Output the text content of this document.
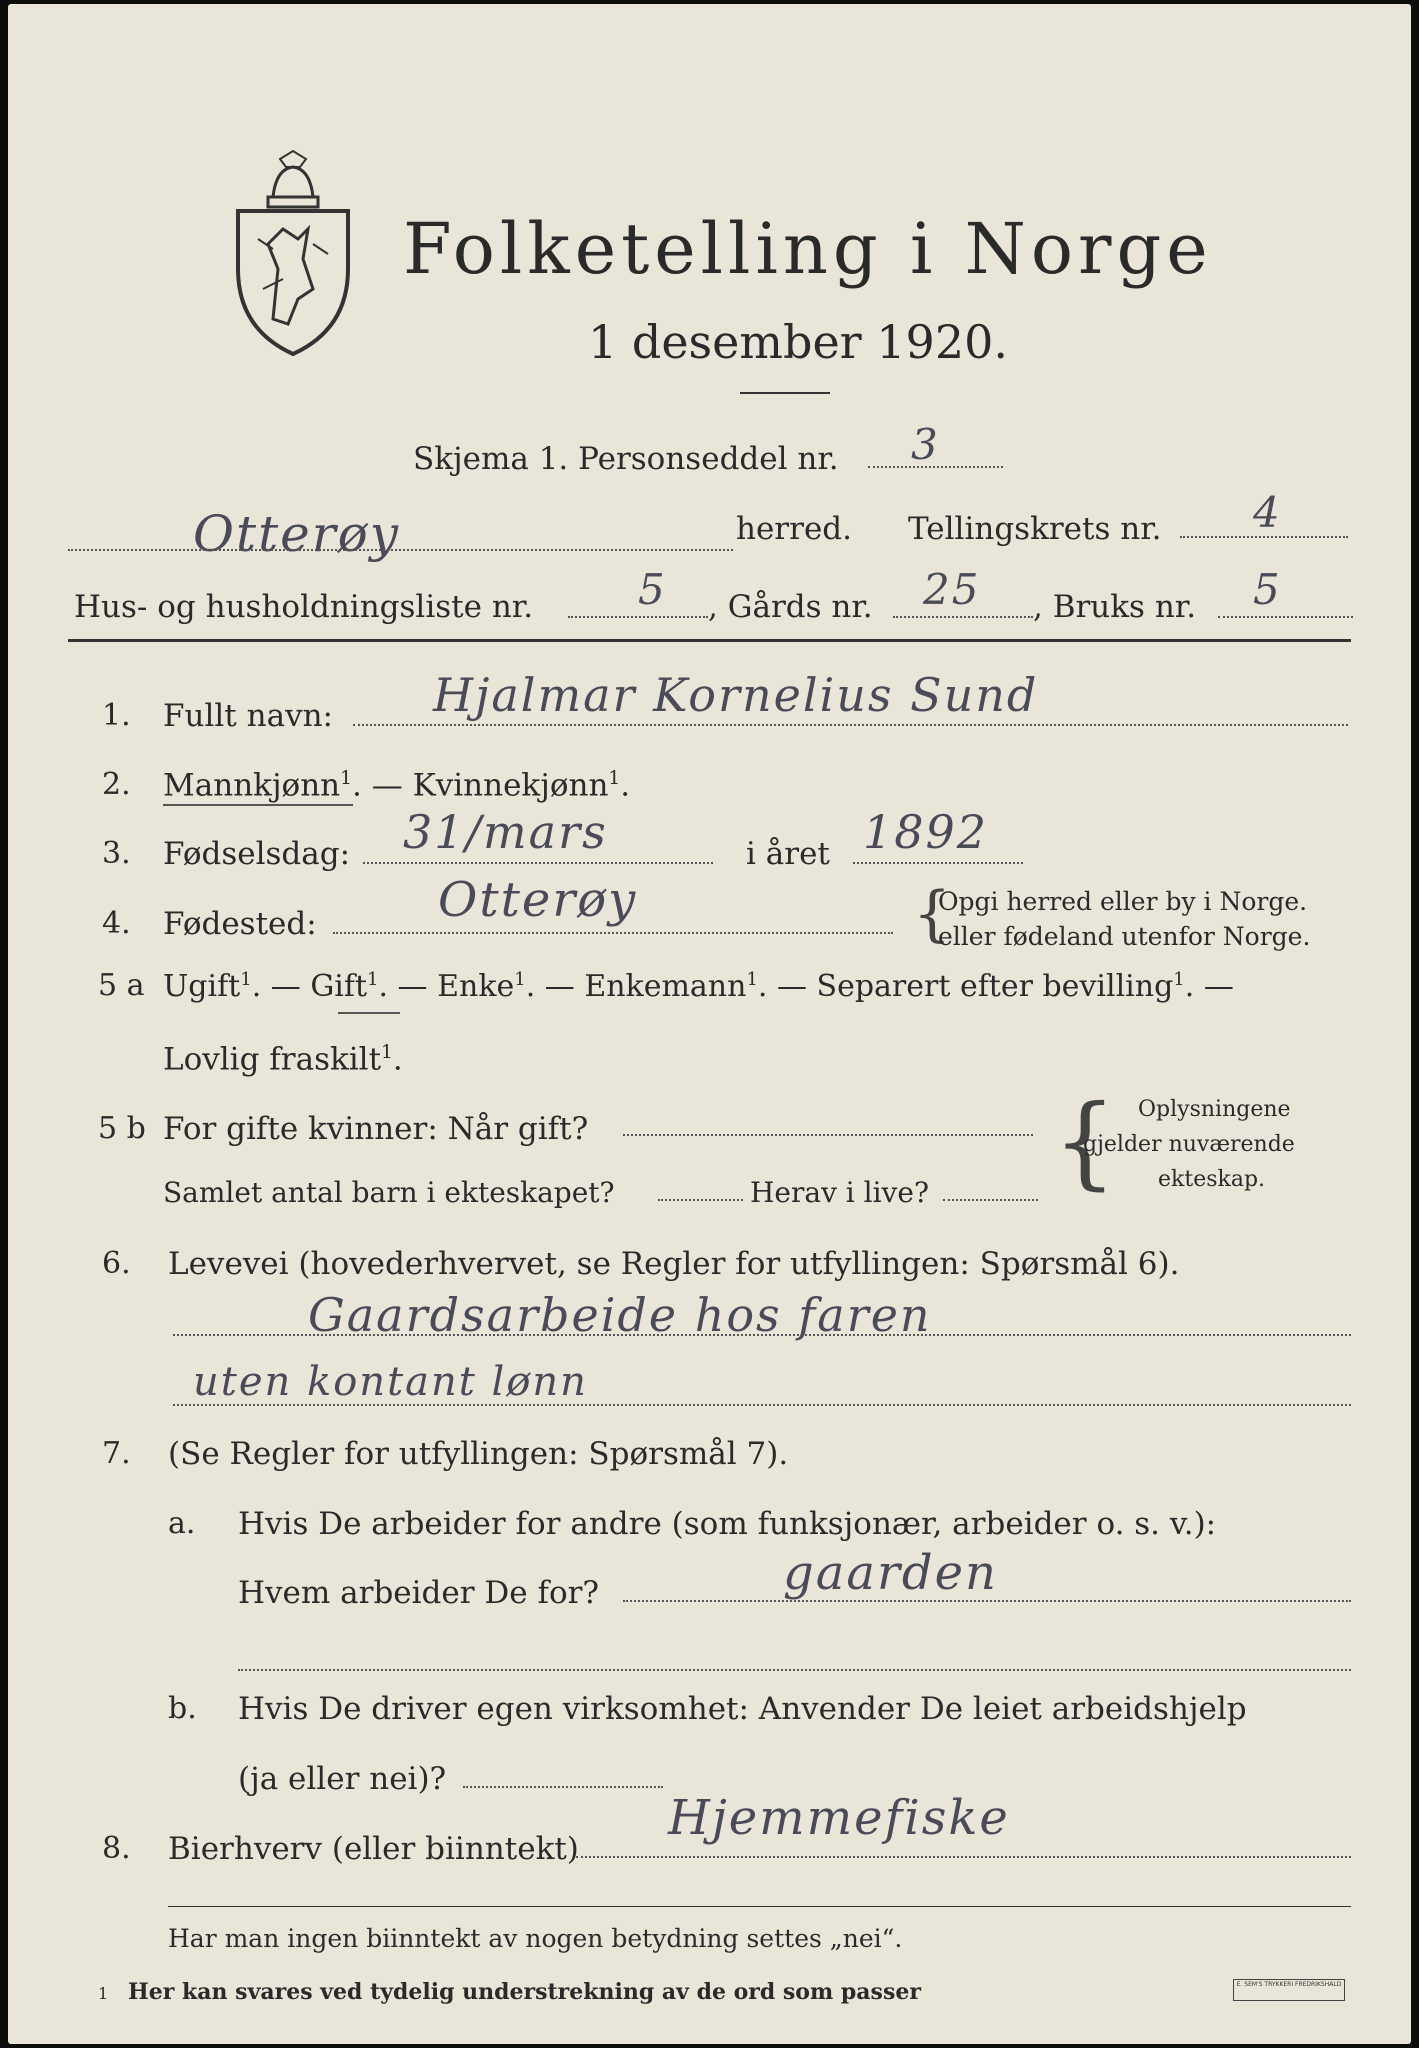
Folketelling i Norge
1 desember 1920.
Skjema 1. Personseddel nr. 3
Otterøy	herred. Tellingskrets nr. 4
Hus- og husholdningsliste nr. 5 , Gårds nr. 25 , Bruks nr. 5
1. Fullt navn: Hjalmar Kornelius Sund
2. Mannkjønn$^1$. — Kvinnekjønn$^1$.
3. Fødselsdag: 31/mars	i året 1892
4. Fødested:	Otterøy	{
Opgi herred eller by i Norge.
eller fødeland utenfor Norge.
5 a Ugift$^1$. — Gift$^1$. — Enke$^1$. — Enkemann$^1$. — Separert efter bevilling$^1$. —
Lovlig fraskilt$^1$.
5 b For gifte kvinner: Når gift?
Samlet antal barn i ekteskapet?	Herav i live? { Oplysningene
gjelder nuværende
ekteskap.
6. Levevei (hovederhvervet, se Regler for utfyllingen: Spørsmål 6).
Gaardsarbeide hos faren
uten kontant lønn
7. (Se Regler for utfyllingen: Spørsmål 7).
a. Hvis De arbeider for andre (som funksjonær, arbeider o. s. v.):
Hvem arbeider De for?	gaarden
b. Hvis De driver egen virksomhet: Anvender De leiet arbeidshjelp
(ja eller nei)?
8. Bierhverv (eller biinntekt)
Hjemmefiske
Har man ingen biinntekt av nogen betydning settes „nei“.
1 Her kan svares ved tydelig understrekning av de ord som passer	E. SEM'S TRYKKERI FREDRIKSHALD
